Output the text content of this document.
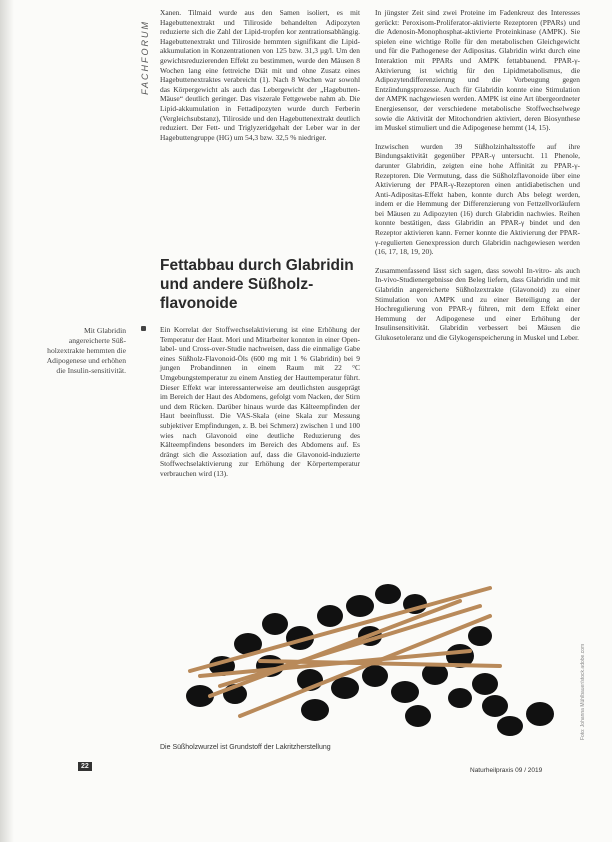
FACHFORUM

Xanen. Tilmaid wurde aus den Samen isoliert, es mit Hagebuttenextrakt und Tiliroside behandelten Adipozyten reduzierte sich die Zahl der Lipid-tropfen kor zentrationsabhängig. Hagebuttenextrakt und Tiliroside hemmten signifikant die Lipid-akkumulation in Konzentrationen von 125 bzw. 31,3 μg/l. Um den gewichtsreduzierenden Effekt zu bestimmen, wurde den Mäusen 8 Wochen lang eine fettreiche Diät mit und ohne Zusatz eines Hagebuttenextraktes verabreicht (1). Nach 8 Wochen war sowohl das Körpergewicht als auch das Lebergewicht der „Hagebutten-Mäuse“ deutlich geringer. Das viszerale Fettgewebe nahm ab. Die Lipid-akkumulation in Fettadipozyten wurde durch Ferberin (Vergleichsubstanz), Tiliroside und den Hagebuttenextrakt deutlich reduziert. Der Fett- und Triglyzeridgehalt der Leber war in der Hagebuttengruppe (HG) um 54,3 bzw. 32,5 % niedriger.

Fettabbau durch Glabridin und andere Süßholz-flavonoide
Mit Glabridin angereicherte Süß-holzextrakte hemmten die Adipogenese und erhöhen die Insulin-sensitivität.

Ein Korrelat der Stoffwechselaktivierung ist eine Erhöhung der Temperatur der Haut. Mori und Mitarbeiter konnten in einer Open-label- und Cross-over-Studie nachweisen, dass die einmalige Gabe eines Süßholz-Flavonoid-Öls (600 mg mit 1 % Glabridin) bei 9 jungen Probandinnen in einem Raum mit 22 °C Umgebungstemperatur zu einem Anstieg der Hauttemperatur führt. Dieser Effekt war interessanterweise am deutlichsten ausgeprägt im Bereich der Haut des Abdomens, gefolgt vom Nacken, der Stirn und dem Rücken. Darüber hinaus wurde das Kälteempfinden der Haut beeinflusst. Die VAS-Skala (eine Skala zur Messung subjektiver Empfindungen, z. B. bei Schmerz) zwischen 1 und 100 wies nach Glavonoid eine deutliche Reduzierung des Kälteempfindens besonders im Bereich des Abdomens auf. Es drängt sich die Assoziation auf, dass die Glavonoid-induzierte Stoffwechselaktivierung zur Erhöhung der Körpertemperatur verbrauchen wird (13).

In jüngster Zeit sind zwei Proteine im Fadenkreuz des Interesses gerückt: Peroxisom-Proliferator-aktivierte Rezeptoren (PPARs) und die Adenosin-Monophosphat-aktivierte Proteinkinase (AMPK). Sie spielen eine wichtige Rolle für den metabolischen Gleichgewicht und für die Pathogenese der Adipositas. Glabridin wirkt durch eine Interaktion mit PPARs und AMPK fettabbauend. PPAR-γ-Aktivierung ist wichtig für den Lipidmetabolismus, die Adipozytendifferenzierung und die Vorbeugung gegen Entzündungsprozesse. Auch für Glabridin konnte eine Stimulation der AMPK nachgewiesen werden. AMPK ist eine Art übergeordneter Energiesensor, der verschiedene metabolische Stoffwechselwege sowie die Aktivität der Mitochondrien aktiviert, deren Biosynthese im Muskel stimuliert und die Adipogenese hemmt (14, 15).

Inzwischen wurden 39 Süßholzinhaltsstoffe auf ihre Bindungsaktivität gegenüber PPAR-γ untersucht. 11 Phenole, darunter Glabridin, zeigten eine hohe Affinität zu PPAR-γ-Rezeptoren. Die Vermutung, dass die Süßholzflavonoide über eine Aktivierung der PPAR-γ-Rezeptoren einen antidiabetischen und Anti-Adipositas-Effekt haben, konnte durch Abs belegt werden, indem er die Hemmung der Differenzierung von Fettzellvorläufern bei Mäusen zu Adipozyten (16) durch Glabridin nachwies. Reihen konnte bestätigen, dass Glabridin an PPAR-γ bindet und den Rezeptor aktivieren kann. Ferner konnte die Aktivierung der PPAR-γ-regulierten Genexpression durch Glabridin nachgewiesen werden (16, 17, 18, 19, 20).

Zusammenfassend lässt sich sagen, dass sowohl In-vitro- als auch In-vivo-Studienergebnisse den Beleg liefern, dass Glabridin und mit Glabridin angereicherte Süßholzextrakte (Glavonoid) zu einer Stimulation von AMPK und zu einer Beteiligung an der Hochregulierung von PPAR-γ führen, mit dem Effekt einer Hemmung der Adipogenese und einer Erhöhung der Insulinsensitivität. Glabridin verbessert bei Mäusen die Glukosetoleranz und die Glykogenspeicherung in Muskel und Leber.

Foto: Johanna Mühlbauer/stock.adobe.com
Die Süßholzwurzel ist Grundstoff der Lakritzherstellung
22
Naturheilpraxis 09 / 2019
